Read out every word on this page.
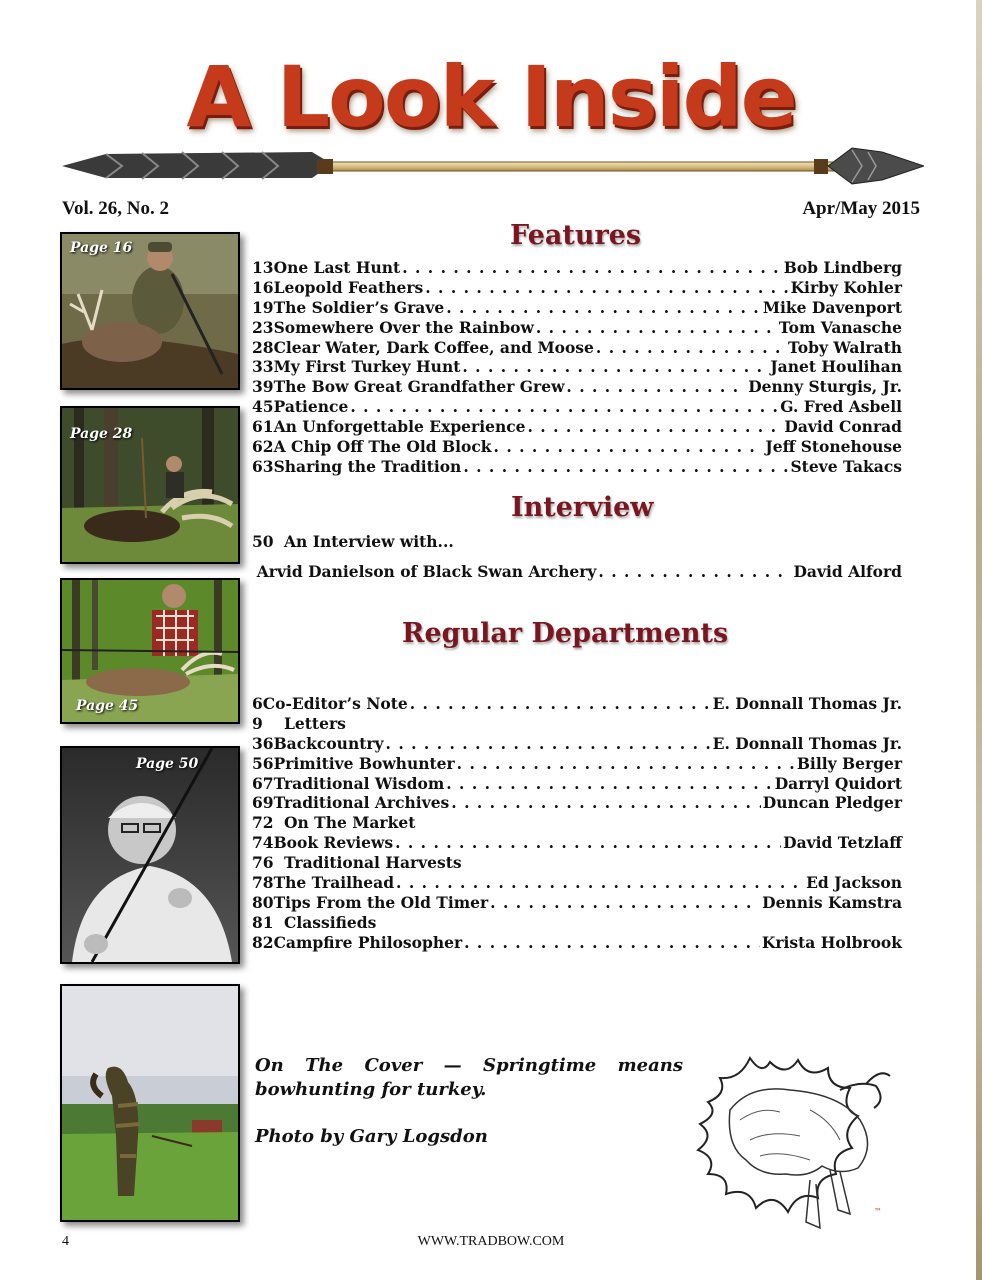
A Look Inside
Vol. 26, No. 2	Apr/May 2015
Features
13 One Last Hunt . . .	Bob Lindberg
16 Leopold Feathers . . .	Kirby Kohler
19 The Soldier’s Grave . . .	Mike Davenport
23 Somewhere Over the Rainbow . . .	Tom Vanasche
28 Clear Water, Dark Coffee, and Moose . . .	Toby Walrath
33 My First Turkey Hunt . . .	Janet Houlihan
39 The Bow Great Grandfather Grew . . .	Denny Sturgis, Jr.
45 Patience . . .	G. Fred Asbell
61 An Unforgettable Experience . . .	David Conrad
62 A Chip Off The Old Block . . .	Jeff Stonehouse
63 Sharing the Tradition . . .	Steve Takacs
Interview
50 An Interview with...
Arvid Danielson of Black Swan Archery . . .	David Alford
Regular Departments
6 Co-Editor’s Note . . .	E. Donnall Thomas Jr.
9	Letters
36 Backcountry . . .	E. Donnall Thomas Jr.
56 Primitive Bowhunter . . .	Billy Berger
67 Traditional Wisdom . . .	Darryl Quidort
69 Traditional Archives . . .	Duncan Pledger
72 On The Market
74 Book Reviews . . .	David Tetzlaff
76 Traditional Harvests
78 The Trailhead . . .	Ed Jackson
80 Tips From the Old Timer . . .	Dennis Kamstra
81 Classifieds
82 Campfire Philosopher . . .	Krista Holbrook
Page 16
Page 28
Page 45
Page 50
On The Cover — Springtime means bowhunting for turkey.
Photo by Gary Logsdon
™
4	WWW.TRADBOW.COM
